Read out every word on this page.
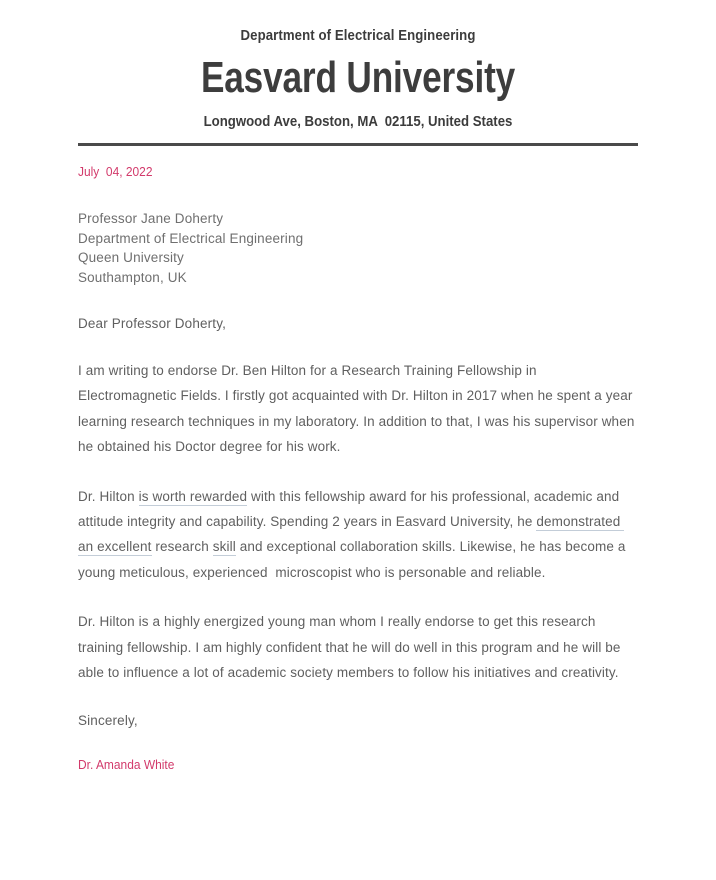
Department of Electrical Engineering
Easvard University
Longwood Ave, Boston, MA  02115, United States
July  04, 2022
Professor Jane Doherty
Department of Electrical Engineering
Queen University
Southampton, UK
Dear Professor Doherty,

I am writing to endorse Dr. Ben Hilton for a Research Training Fellowship in Electromagnetic Fields. I firstly got acquainted with Dr. Hilton in 2017 when he spent a year learning research techniques in my laboratory. In addition to that, I was his supervisor when he obtained his Doctor degree for his work.

Dr. Hilton is worth rewarded with this fellowship award for his professional, academic and attitude integrity and capability. Spending 2 years in Easvard University, he demonstrated an excellent research skill and exceptional collaboration skills. Likewise, he has become a young meticulous, experienced  microscopist who is personable and reliable.

Dr. Hilton is a highly energized young man whom I really endorse to get this research training fellowship. I am highly confident that he will do well in this program and he will be able to influence a lot of academic society members to follow his initiatives and creativity.

Sincerely,
Dr. Amanda White
